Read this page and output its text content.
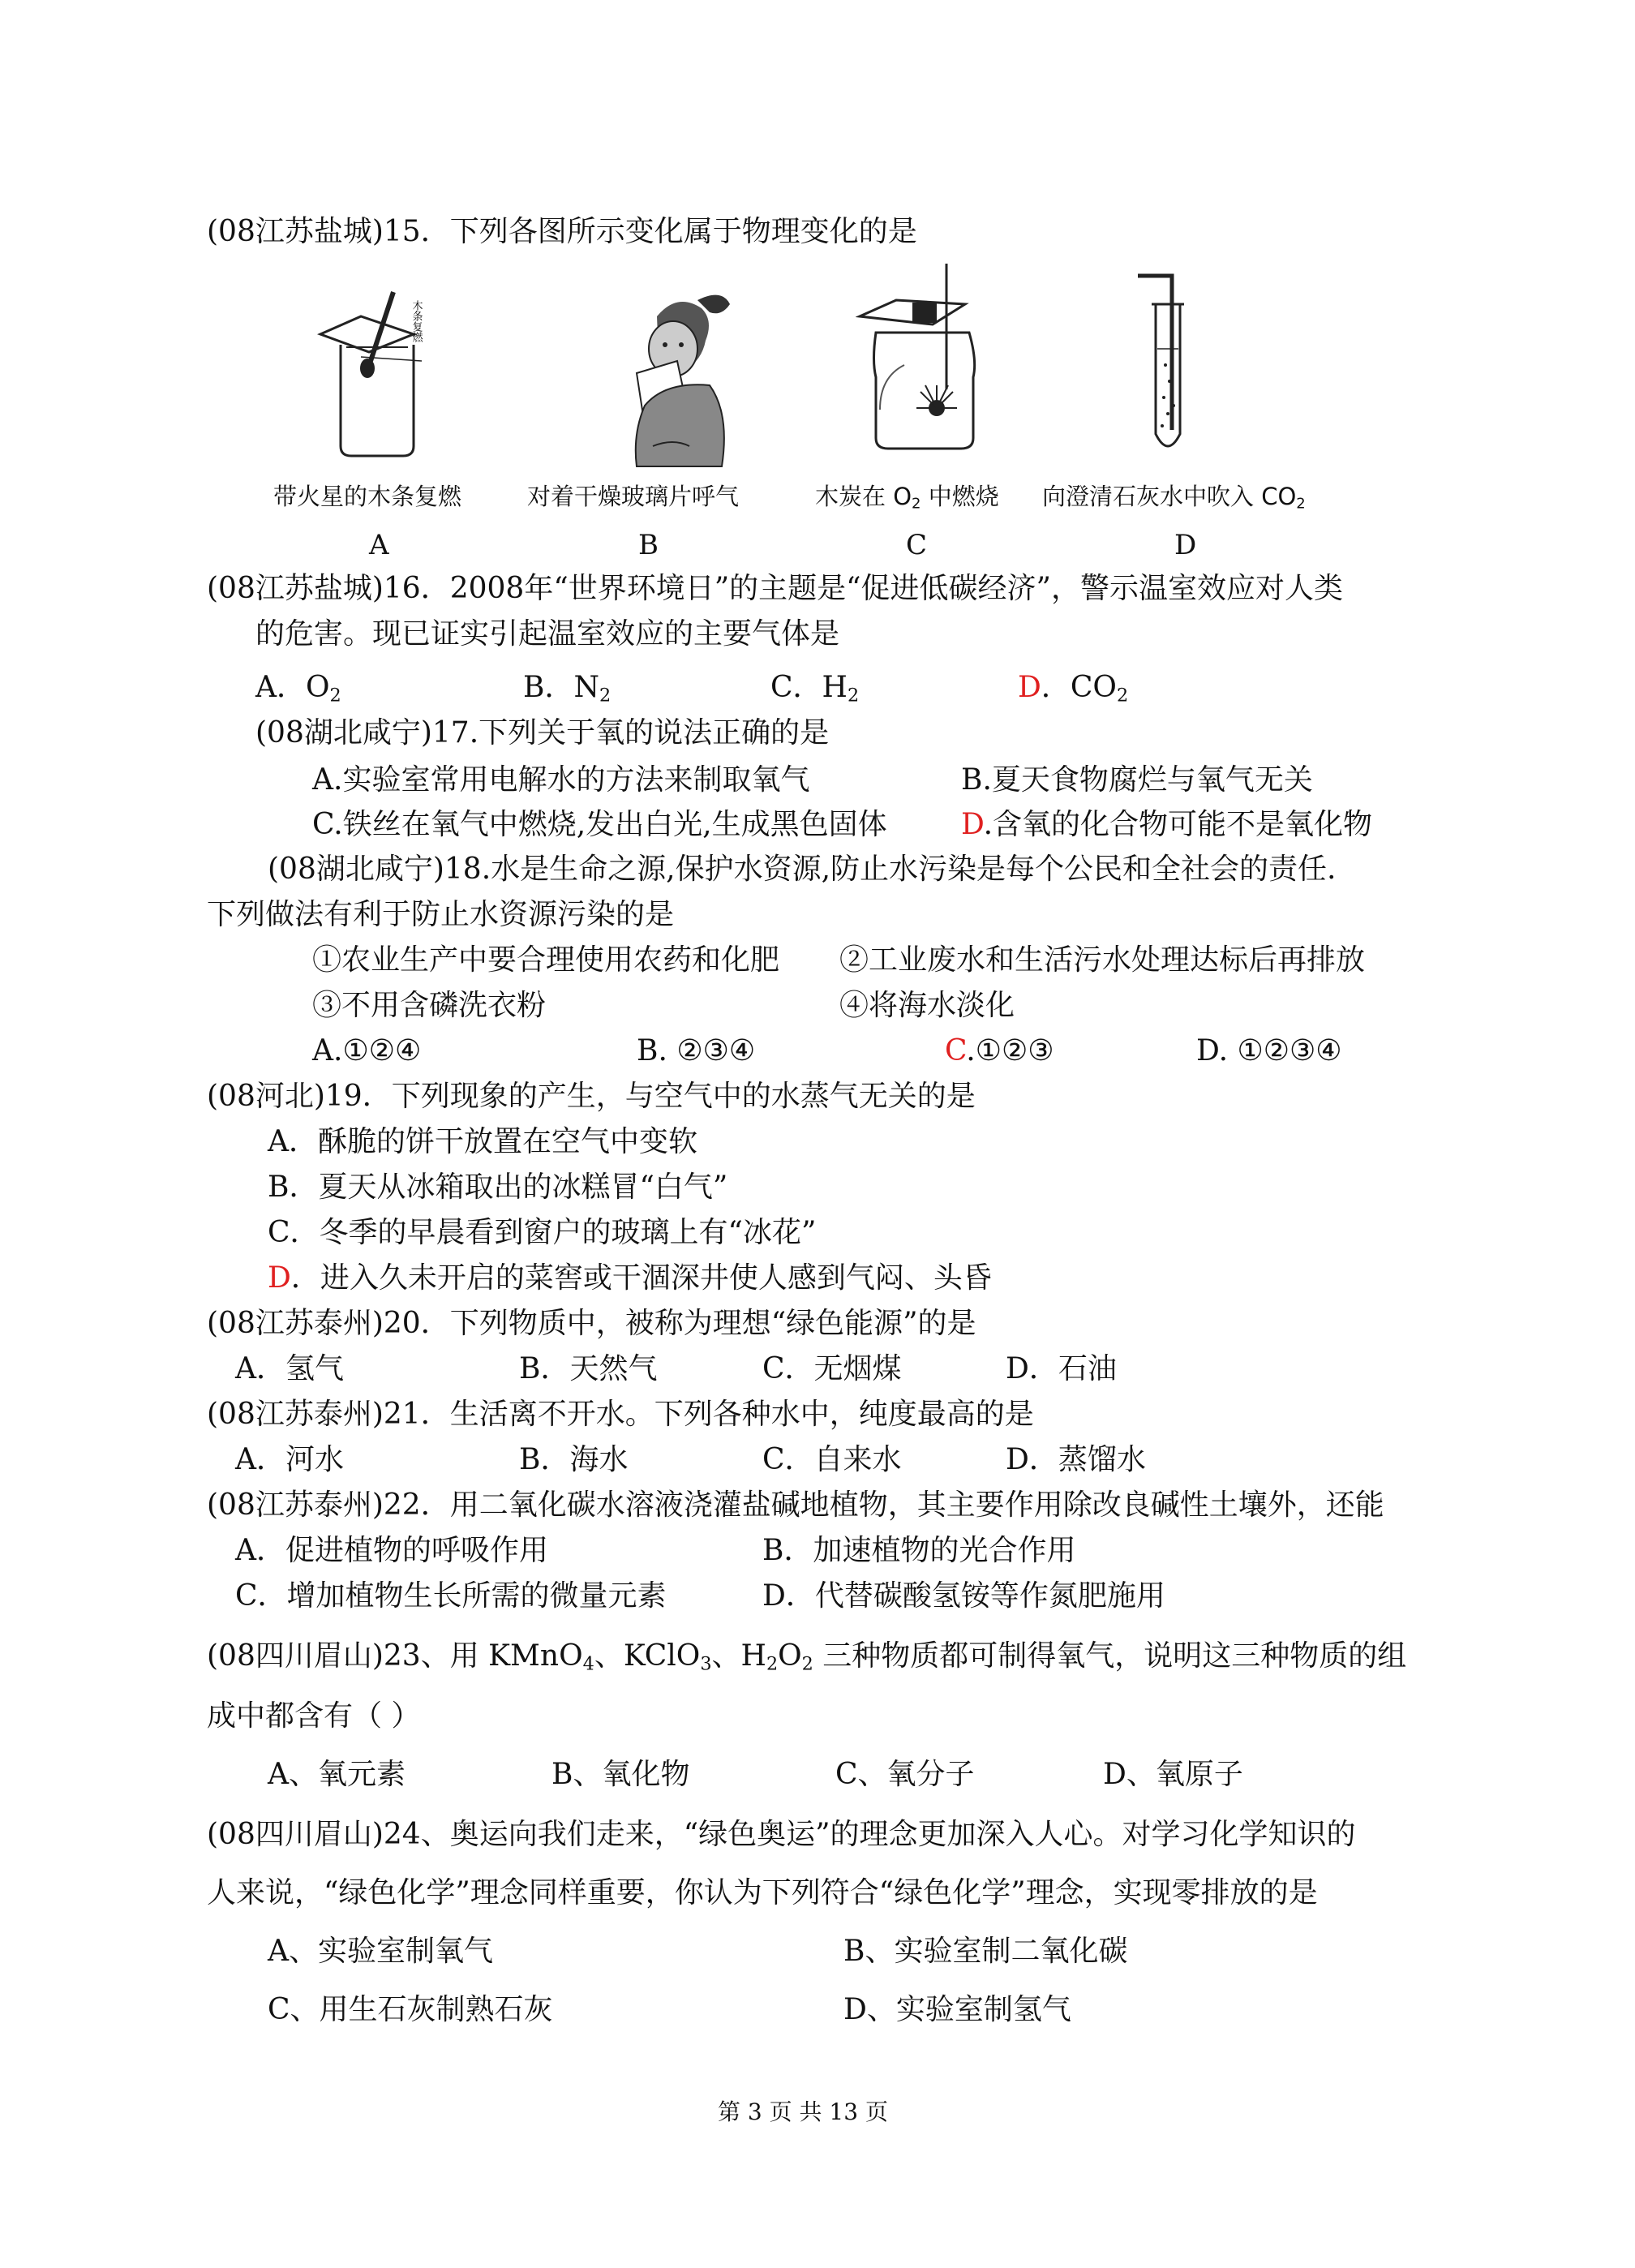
(08江苏盐城)15．下列各图所示变化属于物理变化的是
木条复燃
带火星的木条复燃	对着干燥玻璃片呼气	木炭在 $O_2$ 中燃烧 向澄清石灰水中吹入 $CO_2$
A	B	C	D
(08江苏盐城)16．2008年“世界环境日”的主题是“促进低碳经济”，警示温室效应对人类
的危害。现已证实引起温室效应的主要气体是
A．$O_2$	B．$N_2$	C．$H_2$	D．$CO_2$
(08湖北咸宁)17.下列关于氧的说法正确的是
A.实验室常用电解水的方法来制取氧气	B.夏天食物腐烂与氧气无关
C.铁丝在氧气中燃烧,发出白光,生成黑色固体	D.含氧的化合物可能不是氧化物
(08湖北咸宁)18.水是生命之源,保护水资源,防止水污染是每个公民和全社会的责任.
下列做法有利于防止水资源污染的是
①农业生产中要合理使用农药和化肥 ②工业废水和生活污水处理达标后再排放
③不用含磷洗衣粉	④将海水淡化
A.①②④	B. ②③④	C.①②③	D. ①②③④
(08河北)19．下列现象的产生，与空气中的水蒸气无关的是
A．酥脆的饼干放置在空气中变软
B．夏天从冰箱取出的冰糕冒“白气”
C．冬季的早晨看到窗户的玻璃上有“冰花”
D．进入久未开启的菜窖或干涸深井使人感到气闷、头昏
(08江苏泰州)20．下列物质中，被称为理想“绿色能源”的是
A．氢气	B．天然气	C．无烟煤	D．石油
(08江苏泰州)21．生活离不开水。下列各种水中，纯度最高的是
A．河水	B．海水	C．自来水	D．蒸馏水
(08江苏泰州)22．用二氧化碳水溶液浇灌盐碱地植物，其主要作用除改良碱性土壤外，还能
A．促进植物的呼吸作用	B．加速植物的光合作用
C．增加植物生长所需的微量元素	D．代替碳酸氢铵等作氮肥施用
(08四川眉山)23、用 KMnO$_4$、KClO$_3$、$H_2O_2$ 三种物质都可制得氧气，说明这三种物质的组
成中都含有（ ）
A、氧元素	B、氧化物	C、氧分子	D、氧原子
(08四川眉山)24、奥运向我们走来，“绿色奥运”的理念更加深入人心。对学习化学知识的
人来说，“绿色化学”理念同样重要，你认为下列符合“绿色化学”理念，实现零排放的是
A、实验室制氧气	B、实验室制二氧化碳
C、用生石灰制熟石灰	D、实验室制氢气
第 3 页 共 13 页
